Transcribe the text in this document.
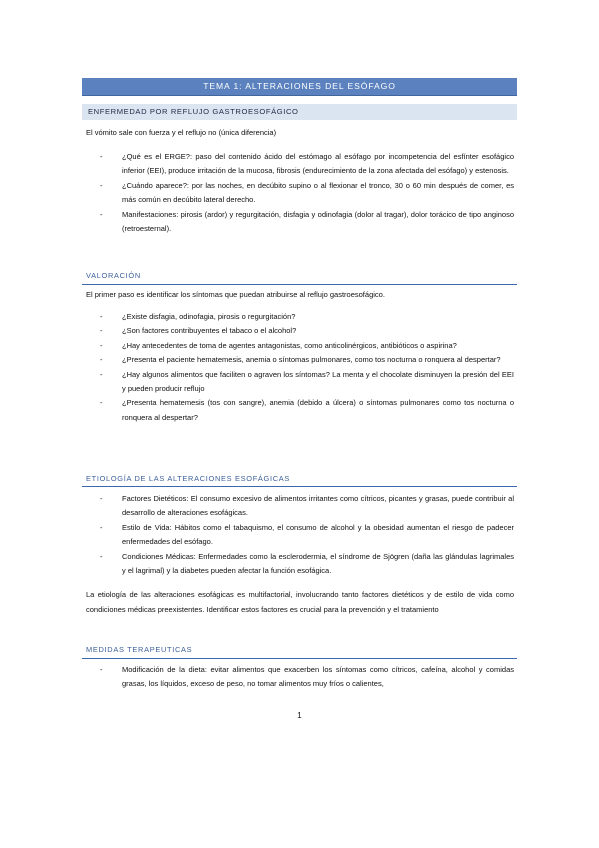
TEMA 1: ALTERACIONES DEL ESÓFAGO
ENFERMEDAD POR REFLUJO GASTROESOFÁGICO
El vómito sale con fuerza y el reflujo no (única diferencia)
-	¿Qué es el ERGE?: paso del contenido ácido del estómago al esófago por incompetencia del esfínter esofágico inferior (EEI), produce irritación de la mucosa, fibrosis (endurecimiento de la zona afectada del esófago) y estenosis.
-	¿Cuándo aparece?: por las noches, en decúbito supino o al flexionar el tronco, 30 o 60 min después de comer, es más común en decúbito lateral derecho.
-	Manifestaciones: pirosis (ardor) y regurgitación, disfagia y odinofagia (dolor al tragar), dolor torácico de tipo anginoso (retroesternal).
VALORACIÓN
El primer paso es identificar los síntomas que puedan atribuirse al reflujo gastroesofágico.
-	¿Existe disfagia, odinofagia, pirosis o regurgitación?
-	¿Son factores contribuyentes el tabaco o el alcohol?
-	¿Hay antecedentes de toma de agentes antagonistas, como anticolinérgicos, antibióticos o aspirina?
-	¿Presenta el paciente hematemesis, anemia o síntomas pulmonares, como tos nocturna o ronquera al despertar?
-	¿Hay algunos alimentos que faciliten o agraven los síntomas? La menta y el chocolate disminuyen la presión del EEI y pueden producir reflujo
-	¿Presenta hematemesis (tos con sangre), anemia (debido a úlcera) o síntomas pulmonares como tos nocturna o ronquera al despertar?
ETIOLOGÍA DE LAS ALTERACIONES ESOFÁGICAS
-	Factores Dietéticos: El consumo excesivo de alimentos irritantes como cítricos, picantes y grasas, puede contribuir al desarrollo de alteraciones esofágicas.
-	Estilo de Vida: Hábitos como el tabaquismo, el consumo de alcohol y la obesidad aumentan el riesgo de padecer enfermedades del esófago.
-	Condiciones Médicas: Enfermedades como la esclerodermia, el síndrome de Sjögren (daña las glándulas lagrimales y el lagrimal) y la diabetes pueden afectar la función esofágica.
La etiología de las alteraciones esofágicas es multifactorial, involucrando tanto factores dietéticos y de estilo de vida como condiciones médicas preexistentes. Identificar estos factores es crucial para la prevención y el tratamiento
MEDIDAS TERAPEUTICAS
-	Modificación de la dieta: evitar alimentos que exacerben los síntomas como cítricos, cafeína, alcohol y comidas grasas, los líquidos, exceso de peso, no tomar alimentos muy fríos o calientes,
1
